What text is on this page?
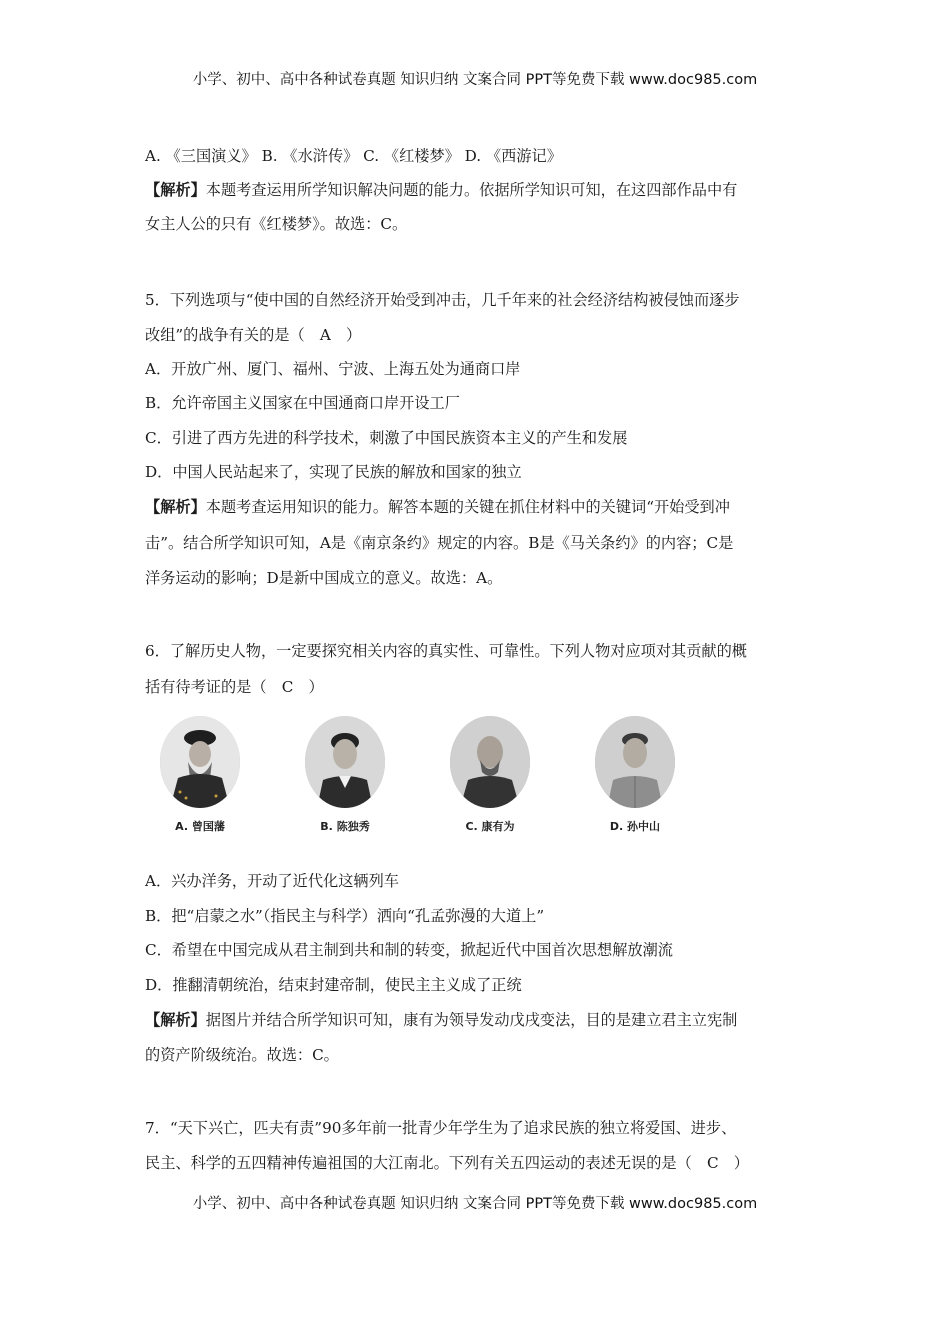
小学、初中、高中各种试卷真题 知识归纳 文案合同 PPT等免费下载 www.doc985.com
A. 《三国演义》 B. 《水浒传》 C. 《红楼梦》 D. 《西游记》
【解析】本题考查运用所学知识解决问题的能力。依据所学知识可知，在这四部作品中有
女主人公的只有《红楼梦》。故选：C。
5．下列选项与“使中国的自然经济开始受到冲击，几千年来的社会经济结构被侵蚀而逐步
改组”的战争有关的是（　A　）
A．开放广州、厦门、福州、宁波、上海五处为通商口岸
B．允许帝国主义国家在中国通商口岸开设工厂
C．引进了西方先进的科学技术，刺激了中国民族资本主义的产生和发展
D．中国人民站起来了，实现了民族的解放和国家的独立
【解析】本题考查运用知识的能力。解答本题的关键在抓住材料中的关键词“开始受到冲
击”。结合所学知识可知，A是《南京条约》规定的内容。B是《马关条约》的内容；C是
洋务运动的影响；D是新中国成立的意义。故选：A。
6．了解历史人物，一定要探究相关内容的真实性、可靠性。下列人物对应项对其贡献的概
括有待考证的是（　C　）
A. 曾国藩	B. 陈独秀	C. 康有为	D. 孙中山
A．兴办洋务，开动了近代化这辆列车
B．把“启蒙之水”（指民主与科学）洒向“孔孟弥漫的大道上”
C．希望在中国完成从君主制到共和制的转变，掀起近代中国首次思想解放潮流
D．推翻清朝统治，结束封建帝制，使民主主义成了正统
【解析】据图片并结合所学知识可知，康有为领导发动戊戌变法，目的是建立君主立宪制
的资产阶级统治。故选：C。
7．“天下兴亡，匹夫有责”90多年前一批青少年学生为了追求民族的独立将爱国、进步、
民主、科学的五四精神传遍祖国的大江南北。下列有关五四运动的表述无误的是（　C　）
小学、初中、高中各种试卷真题 知识归纳 文案合同 PPT等免费下载 www.doc985.com
